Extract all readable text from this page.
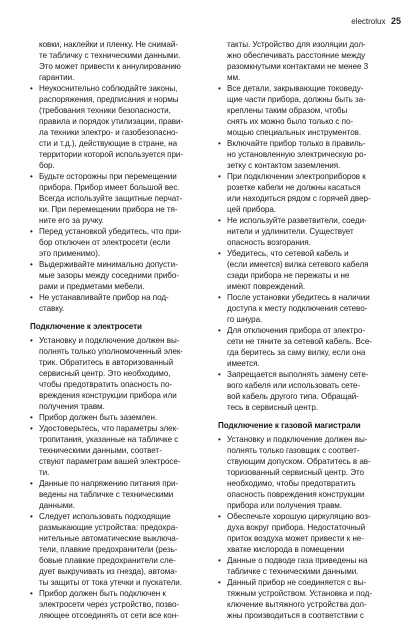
electrolux 25
ковки, наклейки и пленку. Не снимай-
те табличку с техническими данными.
Это может привести к аннулированию
гарантии.
• Неукоснительно соблюдайте законы,
распоряжения, предписания и нормы
(требования техники безопасности,
правила и порядок утилизации, прави-
ла техники электро- и газобезопасно-
сти и т.д.), действующие в стране, на
территории которой используется при-
бор.
• Будьте осторожны при перемещении
прибора. Прибор имеет большой вес.
Всегда используйте защитные перчат-
ки. При перемещении прибора не тя-
ните его за ручку.
• Перед установкой убедитесь, что при-
бор отключен от электросети (если
это применимо).
• Выдерживайте минимально допусти-
мые зазоры между соседними прибо-
рами и предметами мебели.
• Не устанавливайте прибор на под-
ставку.
Подключение к электросети
• Установку и подключение должен вы-
полнять только уполномоченный элек-
трик. Обратитесь в авторизованный
сервисный центр. Это необходимо,
чтобы предотвратить опасность по-
вреждения конструкции прибора или
получения травм.
• Прибор должен быть заземлен.
• Удостоверьтесь, что параметры элек-
тропитания, указанные на табличке с
техническими данными, соответ-
ствуют параметрам вашей электросе-
ти.
• Данные по напряжению питания при-
ведены на табличке с техническими
данными.
• Следует использовать подходящие
размыкающие устройства: предохра-
нительные автоматические выключа-
тели, плавкие предохранители (резь-
бовые плавкие предохранители сле-
дует выкручивать из гнезда), автома-
ты защиты от тока утечки и пускатели.
• Прибор должен быть подключен к
электросети через устройство, позво-
ляющее отсоединять от сети все кон-
такты. Устройство для изоляции дол-
жно обеспечивать расстояние между
разомкнутыми контактами не менее 3
мм.
• Все детали, закрывающие токоведу-
щие части прибора, должны быть за-
креплены таким образом, чтобы
снять их можно было только с по-
мощью специальных инструментов.
• Включайте прибор только в правиль-
но установленную электрическую ро-
зетку с контактом заземления.
• При подключении электроприборов к
розетке кабели не должны касаться
или находиться рядом с горячей двер-
цей прибора.
• Не используйте разветвители, соеди-
нители и удлинители. Существует
опасность возгорания.
• Убедитесь, что сетевой кабель и
(если имеется) вилка сетевого кабеля
сзади прибора не пережаты и не
имеют повреждений.
• После установки убедитесь в наличии
доступа к месту подключения сетево-
го шнура.
• Для отключения прибора от электро-
сети не тяните за сетевой кабель. Все-
гда беритесь за саму вилку, если она
имеется.
• Запрещается выполнять замену сете-
вого кабеля или использовать сете-
вой кабель другого типа. Обращай-
тесь в сервисный центр.
Подключение к газовой магистрали
• Установку и подключение должен вы-
полнять только газовщик с соответ-
ствующим допуском. Обратитесь в ав-
торизованный сервисный центр. Это
необходимо, чтобы предотвратить
опасность повреждения конструкции
прибора или получения травм.
• Обеспечьте хорошую циркуляцию воз-
духа вокруг прибора. Недостаточный
приток воздуха может привести к не-
хватке кислорода в помещении
• Данные о подводе газа приведены на
табличке с техническими данными.
• Данный прибор не соединяется с вы-
тяжным устройством. Установка и под-
ключение вытяжного устройства дол-
жны производиться в соответствии с
